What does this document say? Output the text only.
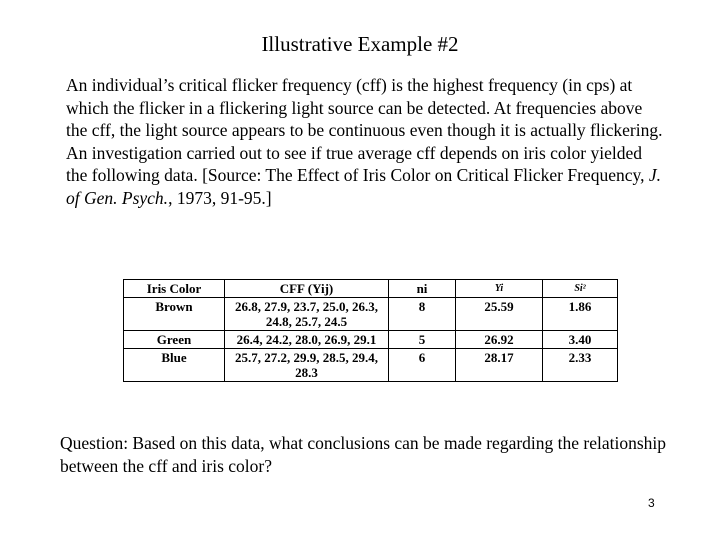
Illustrative Example #2

An individual’s critical flicker frequency (cff) is the highest frequency (in cps) at which the flicker in a flickering light source can be detected. At frequencies above the cff, the light source appears to be continuous even though it is actually flickering. An investigation carried out to see if true average cff depends on iris color yielded the following data. [Source: The Effect of Iris Color on Critical Flicker Frequency, J. of Gen. Psych., 1973, 91-95.]

Iris Color	CFF (Yij)	ni	Yi	Si²
Brown	26.8, 27.9, 23.7, 25.0, 26.3, 24.8, 25.7, 24.5	8	25.59	1.86
Green	26.4, 24.2, 28.0, 26.9, 29.1	5	26.92	3.40
Blue	25.7, 27.2, 29.9, 28.5, 29.4, 28.3	6	28.17	2.33

Question: Based on this data, what conclusions can be made regarding the relationship between the cff and iris color?

3
